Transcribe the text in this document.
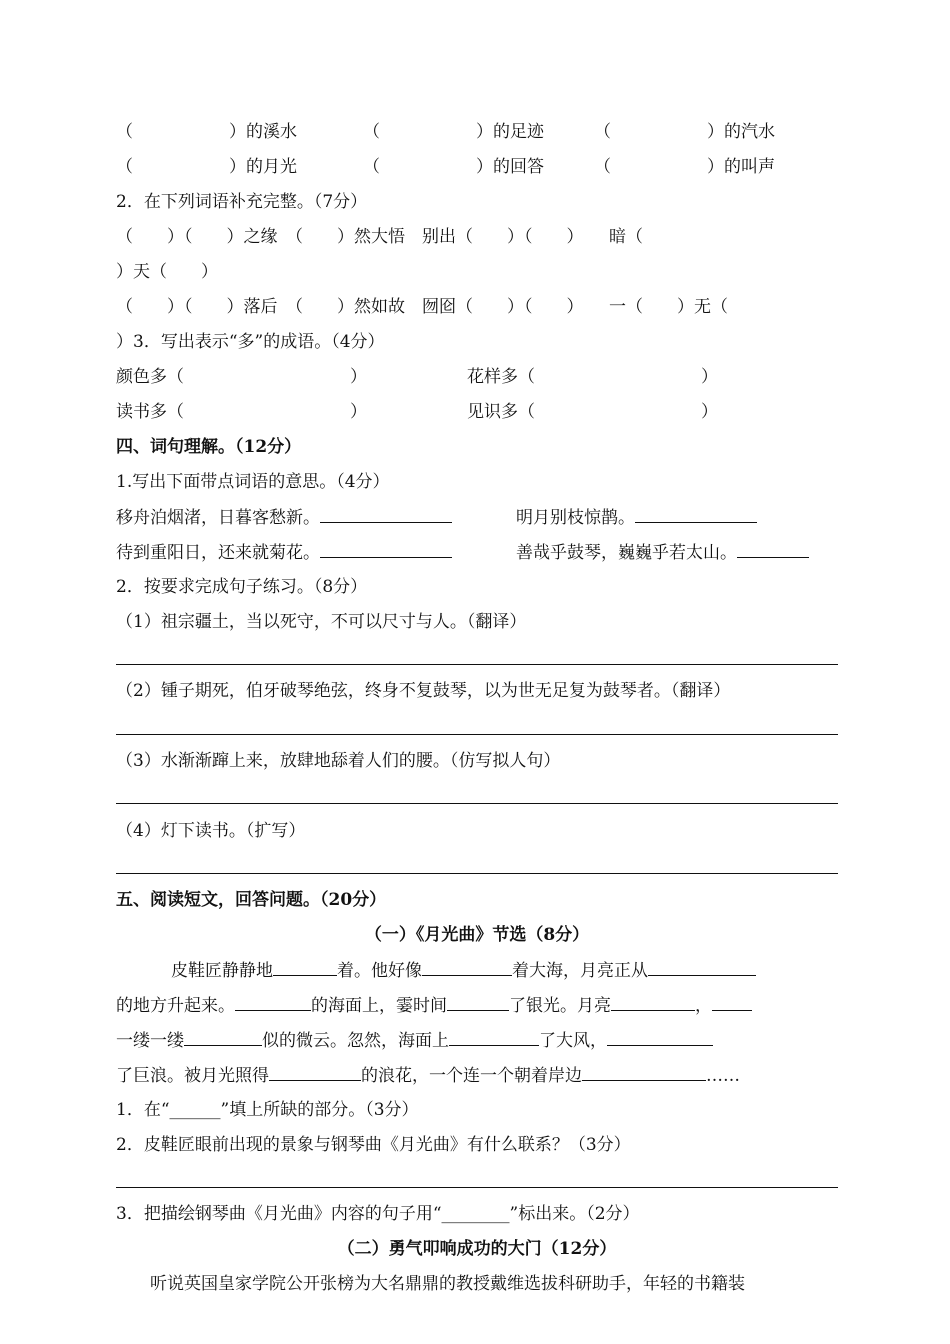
（	）的溪水	（	）的足迹	（	）的汽水
（	）的月光	（	）的回答	（	）的叫声
2．在下列词语补充完整。（7分）
（　　）（　　）之缘　（　　）然大悟　别出（　　）（　　）　　暗（
）天（　　）
（　　）（　　）落后　（　　）然如故　囫囵（　　）（　　）　　一（　　）无（
）3．写出表示“多”的成语。（4分）
颜色多（	）	花样多（	）
读书多（	）	见识多（	）
四、词句理解。（12分）
1.写出下面带点词语的意思。（4分）
移舟泊烟渚，日暮客愁新。	明月别枝惊鹊。
待到重阳日，还来就菊花。	善哉乎鼓琴，巍巍乎若太山。
2．按要求完成句子练习。（8分）
（1）祖宗疆土，当以死守，不可以尺寸与人。（翻译）
（2）锺子期死，伯牙破琴绝弦，终身不复鼓琴，以为世无足复为鼓琴者。（翻译）
（3）水渐渐蹿上来，放肆地舔着人们的腰。（仿写拟人句）
（4）灯下读书。（扩写）
五、阅读短文，回答问题。（20分）
（一）《月光曲》节选（8分）
皮鞋匠静静地	着。他好像	着大海，月亮正从
的地方升起来。	的海面上，霎时间	了银光。月亮	，
一缕一缕	似的微云。忽然，海面上	了大风，
了巨浪。被月光照得	的浪花，一个连一个朝着岸边	……
1．在“______”填上所缺的部分。（3分）
2．皮鞋匠眼前出现的景象与钢琴曲《月光曲》有什么联系？（3分）
3．把描绘钢琴曲《月光曲》内容的句子用“________”标出来。（2分）
（二）勇气叩响成功的大门（12分）
听说英国皇家学院公开张榜为大名鼎鼎的教授戴维选拔科研助手，年轻的书籍装
